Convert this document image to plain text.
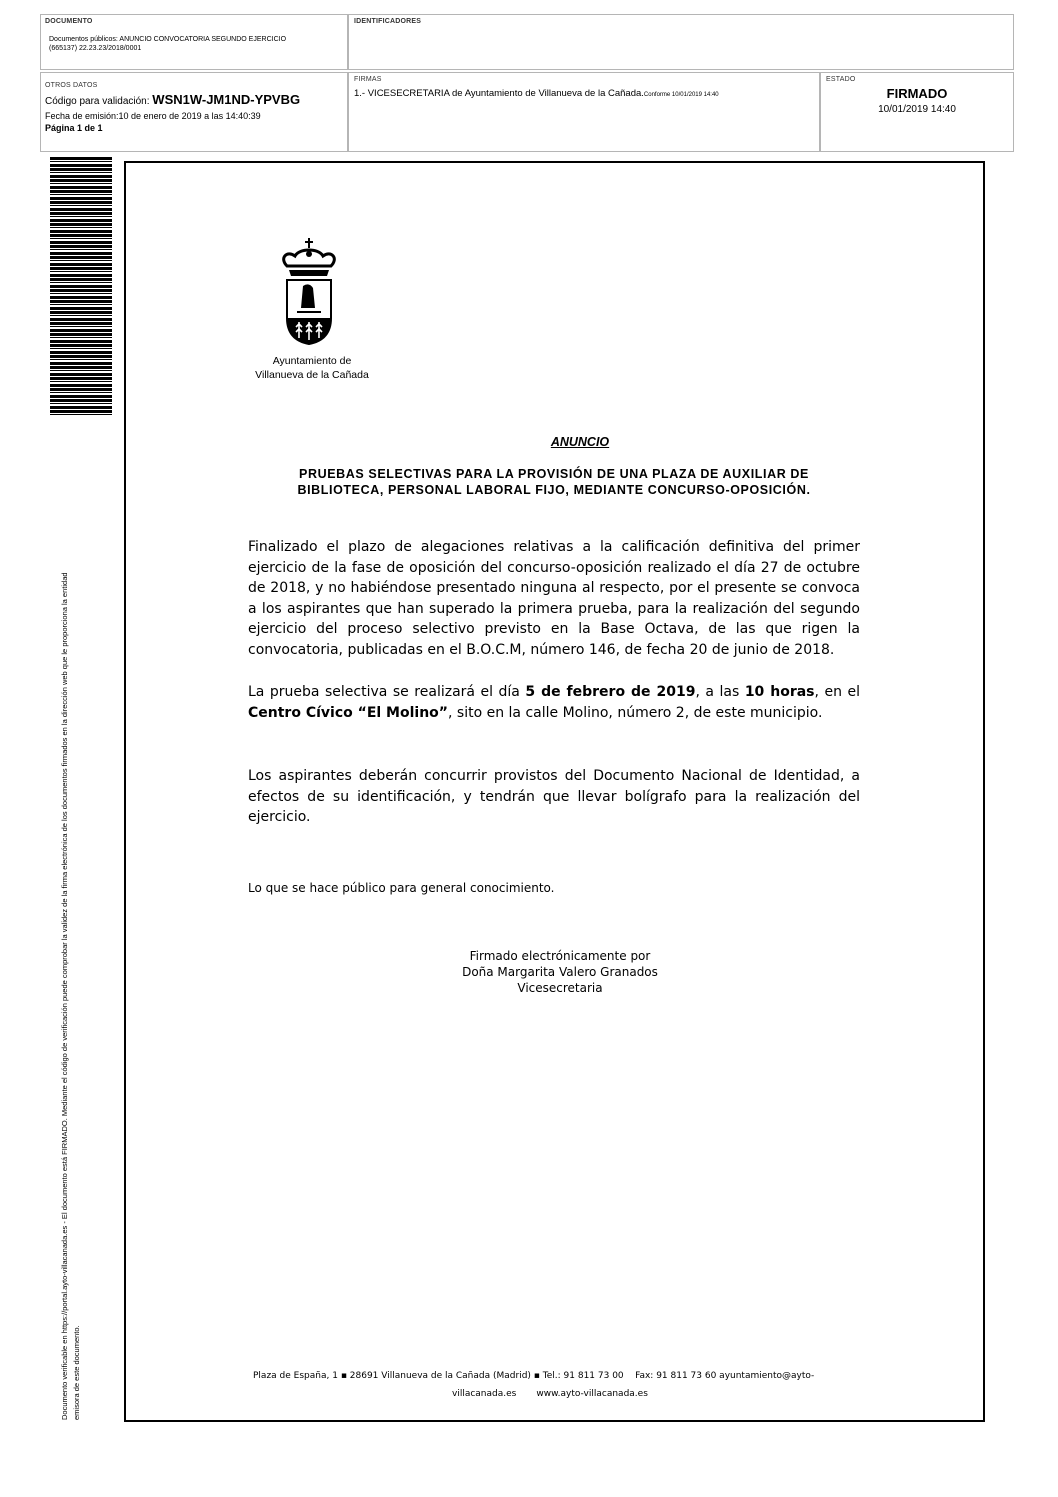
DOCUMENTO
Documentos públicos: ANUNCIO CONVOCATORIA SEGUNDO EJERCICIO
(665137) 22.23.23/2018/0001
IDENTIFICADORES
OTROS DATOS
Código para validación: WSN1W-JM1ND-YPVBG
Fecha de emisión:10 de enero de 2019 a las 14:40:39
Página 1 de 1
FIRMAS
1.- VICESECRETARIA de Ayuntamiento de Villanueva de la Cañada.Conforme 10/01/2019 14:40
ESTADO
FIRMADO
10/01/2019 14:40
Documento verificable en https://portal.ayto-villacanada.es - El documento está FIRMADO. Mediante el código de verificación puede comprobar la validez de la firma electrónica de los documentos firmados en la dirección web que le proporciona la entidad emisora de este documento.
Ayuntamiento de
Villanueva de la Cañada
ANUNCIO
PRUEBAS SELECTIVAS PARA LA PROVISIÓN DE UNA PLAZA DE AUXILIAR DE
BIBLIOTECA, PERSONAL LABORAL FIJO, MEDIANTE CONCURSO-OPOSICIÓN.
Finalizado el plazo de alegaciones relativas a la calificación definitiva del primer ejercicio de la fase de oposición del concurso-oposición realizado el día 27 de octubre de 2018, y no habiéndose presentado ninguna al respecto, por el presente se convoca a los aspirantes que han superado la primera prueba, para la realización del segundo ejercicio del proceso selectivo previsto en la Base Octava, de las que rigen la convocatoria, publicadas en el B.O.C.M, número 146, de fecha 20 de junio de 2018.
La prueba selectiva se realizará el día 5 de febrero de 2019, a las 10 horas, en el Centro Cívico “El Molino”, sito en la calle Molino, número 2, de este municipio.
Los aspirantes deberán concurrir provistos del Documento Nacional de Identidad, a efectos de su identificación, y tendrán que llevar bolígrafo para la realización del ejercicio.
Lo que se hace público para general conocimiento.
Firmado electrónicamente por
Doña Margarita Valero Granados
Vicesecretaria
Plaza de España, 1 ▪ 28691 Villanueva de la Cañada (Madrid) ▪ Tel.: 91 811 73 00 Fax: 91 811 73 60 ayuntamiento@ayto-
villacanada.es www.ayto-villacanada.es
